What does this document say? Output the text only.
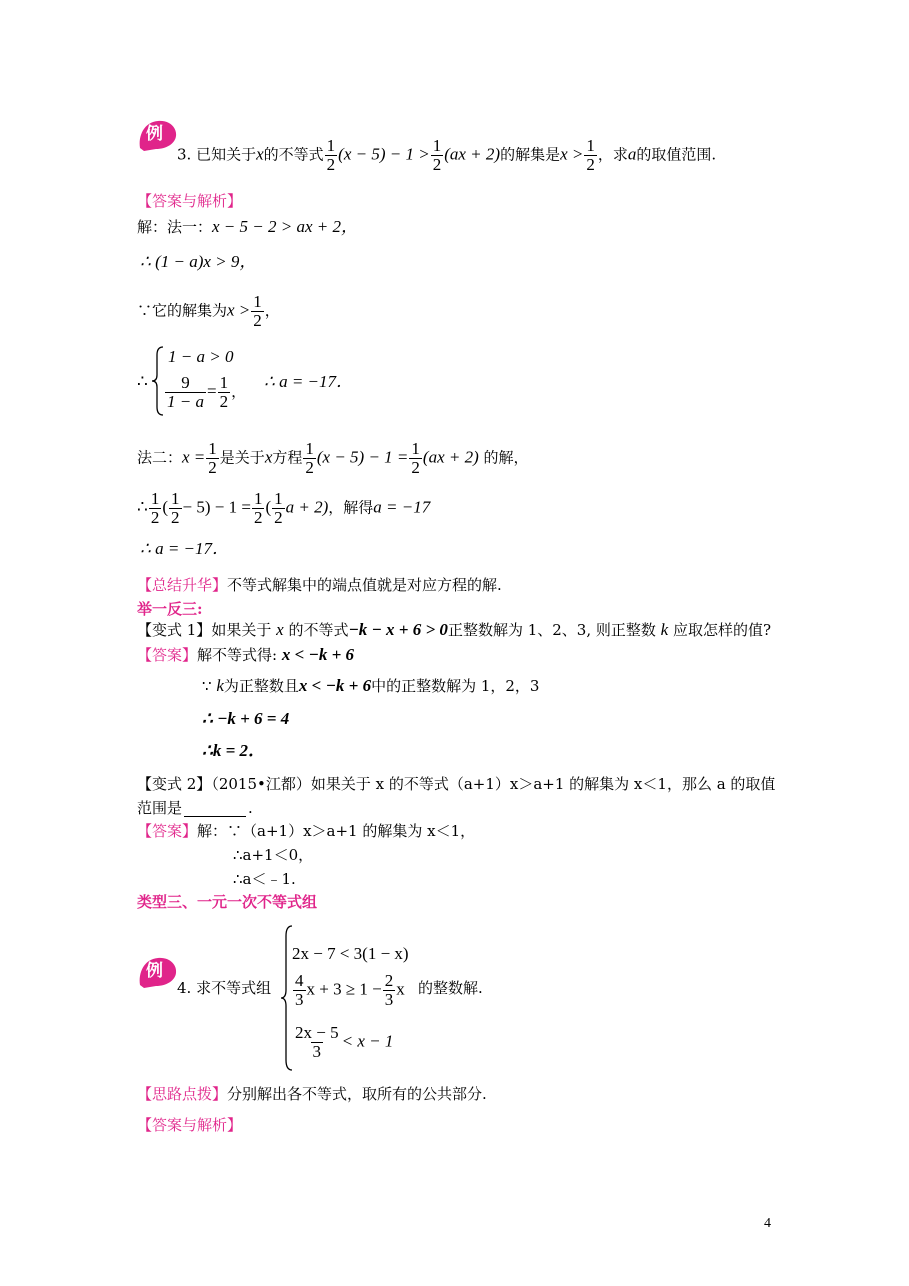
例
3. 已知关于x的不等式 $\frac{1}{2} (x - 5) - 1 > \frac{1}{2} (ax + 2)$的解集是$x > \frac{1}{2}$ ，求a的取值范围.
【答案与解析】
解：法一：x − 5 − 2 > ax + 2，
∴ (1 − a)x > 9，
∵它的解集为$x > \frac{1}{2}$ ，
∴
1 − a > 0
$\frac{9}{1 - a} = \frac{1}{2}$ ，
∴ a = −17．
法二：$x = \frac{1}{2}$ 是关于x方程 $\frac{1}{2} (x - 5) - 1 = \frac{1}{2} (ax + 2)$ 的解，
∴ $\frac{1}{2}$ ( $\frac{1}{2} - 5) - 1 = \frac{1}{2}$ ( $\frac{1}{2}$ a + 2)，解得a = −17
∴ a = −17．
【总结升华】不等式解集中的端点值就是对应方程的解.
举一反三:
【变式 1】如果关于 x 的不等式−k − x + 6 > 0正整数解为 1、2、3, 则正整数 k 应取怎样的值?
【答案】解不等式得: x < −k + 6
∵ k为正整数且x < −k + 6中的正整数解为 1，2，3
∴ −k + 6 = 4
∴k = 2．
【变式 2】（2015•江都）如果关于 x 的不等式（a+1）x＞a+1 的解集为 x＜1，那么 a 的取值
范围是	.
【答案】解：∵（a+1）x＞a+1 的解集为 x＜1，
∴a+1＜0，
∴a＜﹣1.
类型三、一元一次不等式组
例
4. 求不等式组
2x − 7 < 3(1 − x)
$\frac{4}{3}$ $x + 3 \ge 1 - \frac{2}{3}$ x
$\frac{2x - 5}{3} < x - 1$
的整数解.
【思路点拨】分别解出各不等式，取所有的公共部分.
【答案与解析】
4
